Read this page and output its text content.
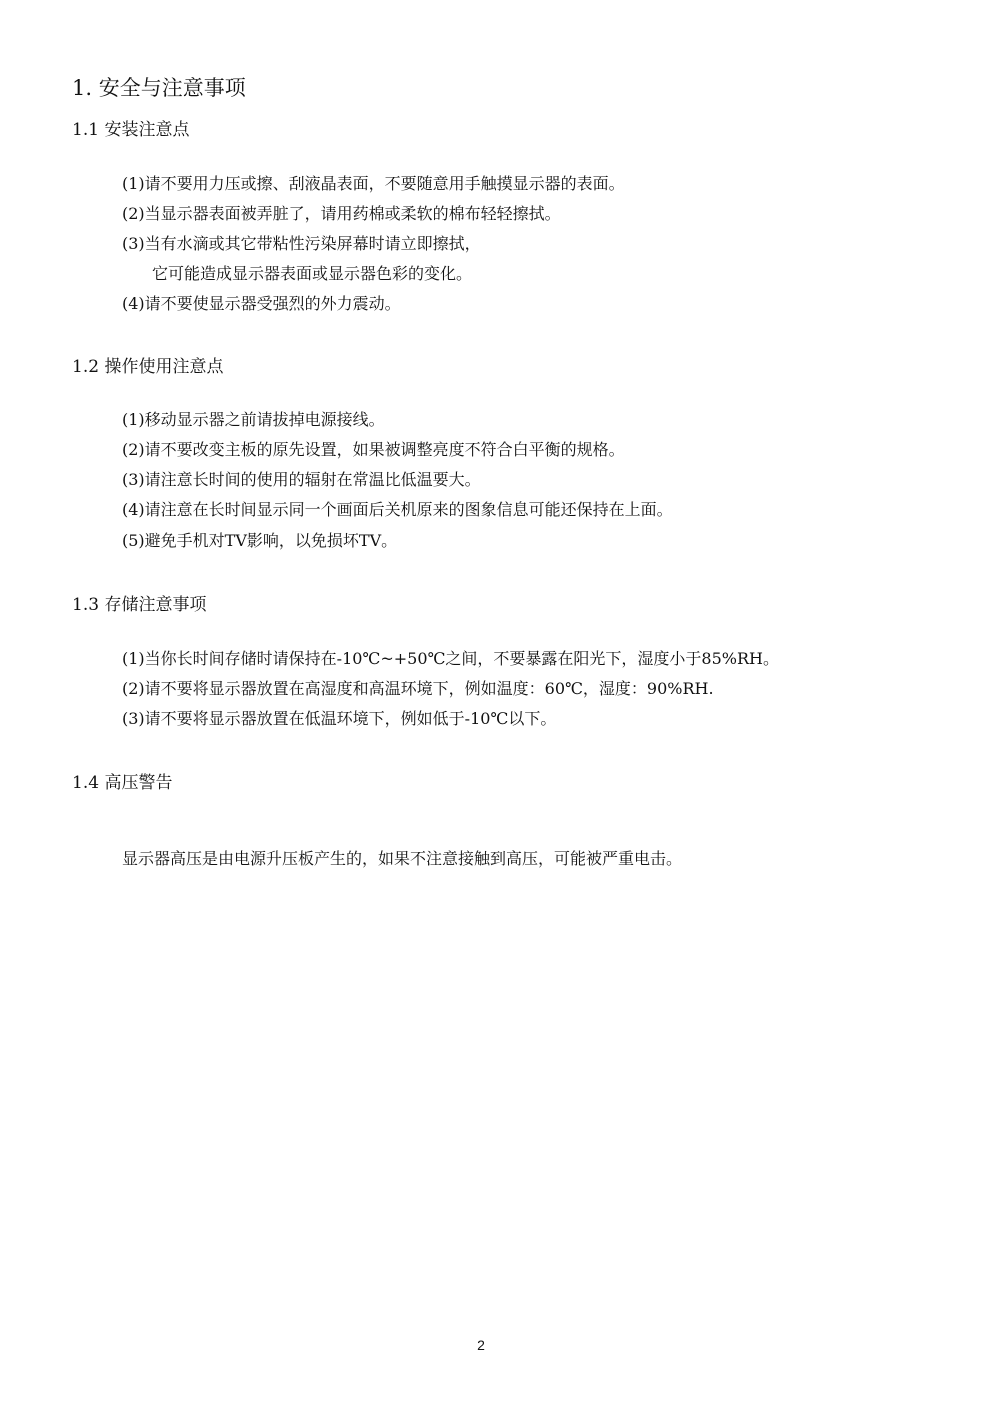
1. 安全与注意事项
1.1 安装注意点
(1)请不要用力压或擦、刮液晶表面，不要随意用手触摸显示器的表面。
(2)当显示器表面被弄脏了，请用药棉或柔软的棉布轻轻擦拭。
(3)当有水滴或其它带粘性污染屏幕时请立即擦拭，
它可能造成显示器表面或显示器色彩的变化。
(4)请不要使显示器受强烈的外力震动。
1.2 操作使用注意点
(1)移动显示器之前请拔掉电源接线。
(2)请不要改变主板的原先设置，如果被调整亮度不符合白平衡的规格。
(3)请注意长时间的使用的辐射在常温比低温要大。
(4)请注意在长时间显示同一个画面后关机原来的图象信息可能还保持在上面。
(5)避免手机对TV影响，以免损坏TV。
1.3 存储注意事项
(1)当你长时间存储时请保持在-10℃~+50℃之间，不要暴露在阳光下，湿度小于85%RH。
(2)请不要将显示器放置在高湿度和高温环境下，例如温度：60℃，湿度：90%RH.
(3)请不要将显示器放置在低温环境下，例如低于-10℃以下。
1.4 高压警告
显示器高压是由电源升压板产生的，如果不注意接触到高压，可能被严重电击。
2
